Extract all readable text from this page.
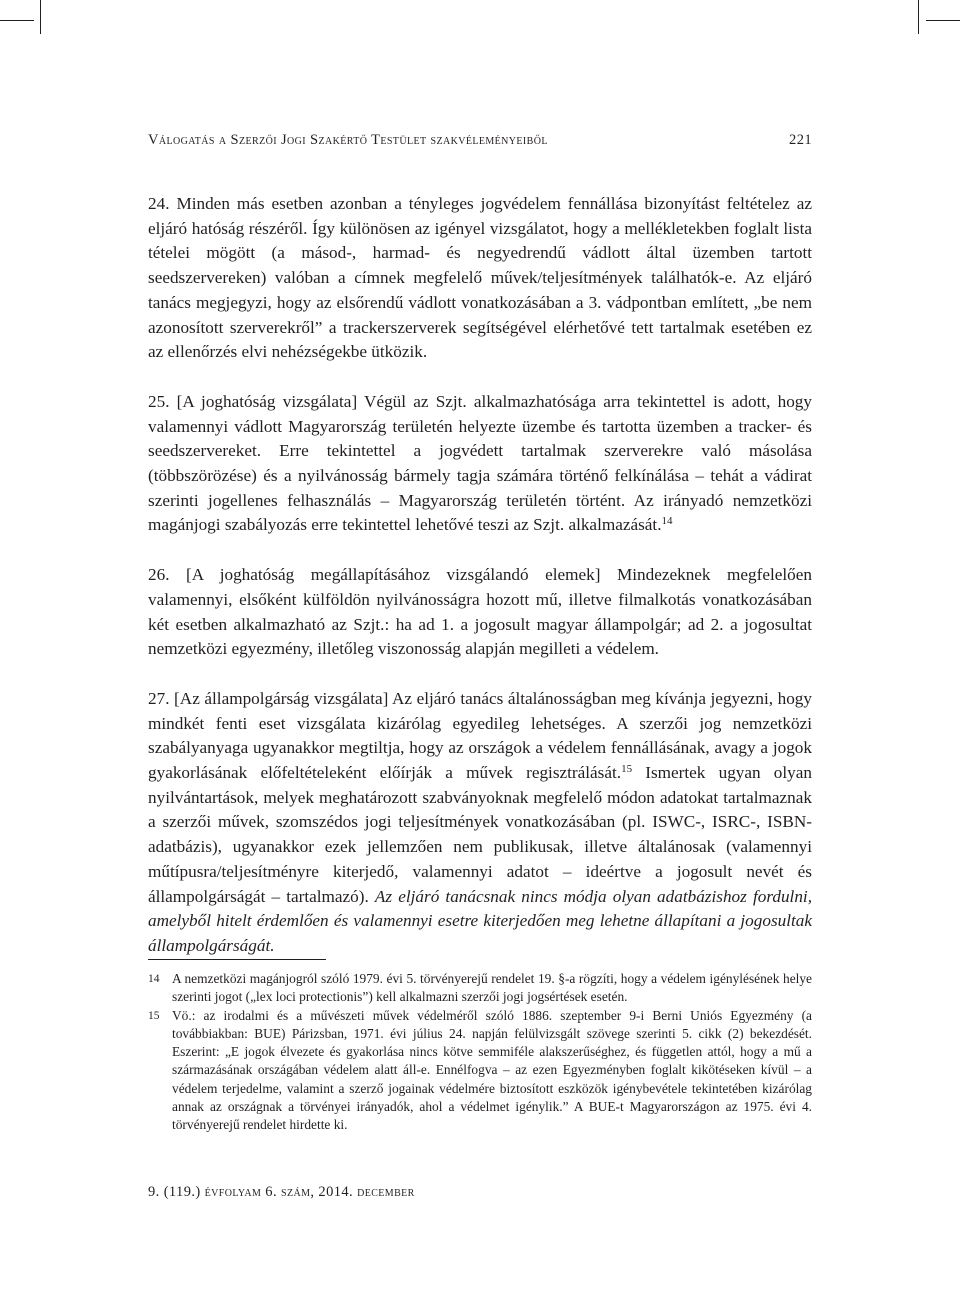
Válogatás a Szerzői Jogi Szakértő Testület szakvéleményeiből	221

24. Minden más esetben azonban a tényleges jogvédelem fennállása bizonyítást feltételez az eljáró hatóság részéről. Így különösen az igényel vizsgálatot, hogy a mellékletekben foglalt lista tételei mögött (a másod-, harmad- és negyedrendű vádlott által üzemben tartott seedszervereken) valóban a címnek megfelelő művek/teljesítmények találhatók-e. Az eljáró tanács megjegyzi, hogy az elsőrendű vádlott vonatkozásában a 3. vádpontban említett, „be nem azonosított szerverekről” a trackerszerverek segítségével elérhetővé tett tartalmak esetében ez az ellenőrzés elvi nehézségekbe ütközik.

25. [A joghatóság vizsgálata] Végül az Szjt. alkalmazhatósága arra tekintettel is adott, hogy valamennyi vádlott Magyarország területén helyezte üzembe és tartotta üzemben a tracker- és seedszervereket. Erre tekintettel a jogvédett tartalmak szerverekre való másolása (többszörözése) és a nyilvánosság bármely tagja számára történő felkínálása – tehát a vádirat szerinti jogellenes felhasználás – Magyarország területén történt. Az irányadó nemzetközi magánjogi szabályozás erre tekintettel lehetővé teszi az Szjt. alkalmazását.$^{14}$

26. [A joghatóság megállapításához vizsgálandó elemek] Mindezeknek megfelelően valamennyi, elsőként külföldön nyilvánosságra hozott mű, illetve filmalkotás vonatkozásában két esetben alkalmazható az Szjt.: ha ad 1. a jogosult magyar állampolgár; ad 2. a jogosultat nemzetközi egyezmény, illetőleg viszonosság alapján megilleti a védelem.

27. [Az állampolgárság vizsgálata] Az eljáró tanács általánosságban meg kívánja jegyezni, hogy mindkét fenti eset vizsgálata kizárólag egyedileg lehetséges. A szerzői jog nemzetközi szabályanyaga ugyanakkor megtiltja, hogy az országok a védelem fennállásának, avagy a jogok gyakorlásának előfeltételeként előírják a művek regisztrálását.$^{15}$ Ismertek ugyan olyan nyilvántartások, melyek meghatározott szabványoknak megfelelő módon adatokat tartalmaznak a szerzői művek, szomszédos jogi teljesítmények vonatkozásában (pl. ISWC-, ISRC-, ISBN-adatbázis), ugyanakkor ezek jellemzően nem publikusak, illetve általánosak (valamennyi műtípusra/teljesítményre kiterjedő, valamennyi adatot – ideértve a jogosult nevét és állampolgárságát – tartalmazó). Az eljáró tanácsnak nincs módja olyan adatbázishoz fordulni, amelyből hitelt érdemlően és valamennyi esetre kiterjedően meg lehetne állapítani a jogosultak állampolgárságát.

14 A nemzetközi magánjogról szóló 1979. évi 5. törvényerejű rendelet 19. §-a rögzíti, hogy a védelem igénylésének helye szerinti jogot („lex loci protectionis”) kell alkalmazni szerzői jogi jogsértések esetén.
15 Vö.: az irodalmi és a művészeti művek védelméről szóló 1886. szeptember 9-i Berni Uniós Egyezmény (a továbbiakban: BUE) Párizsban, 1971. évi július 24. napján felülvizsgált szövege szerinti 5. cikk (2) bekezdését. Eszerint: „E jogok élvezete és gyakorlása nincs kötve semmiféle alakszerűséghez, és független attól, hogy a mű a származásának országában védelem alatt áll-e. Ennélfogva – az ezen Egyezményben foglalt kikötéseken kívül – a védelem terjedelme, valamint a szerző jogainak védelmére biztosított eszközök igénybevétele tekintetében kizárólag annak az országnak a törvényei irányadók, ahol a védelmet igénylik.” A BUE-t Magyarországon az 1975. évi 4. törvényerejű rendelet hirdette ki.
9. (119.) évfolyam 6. szám, 2014. december
